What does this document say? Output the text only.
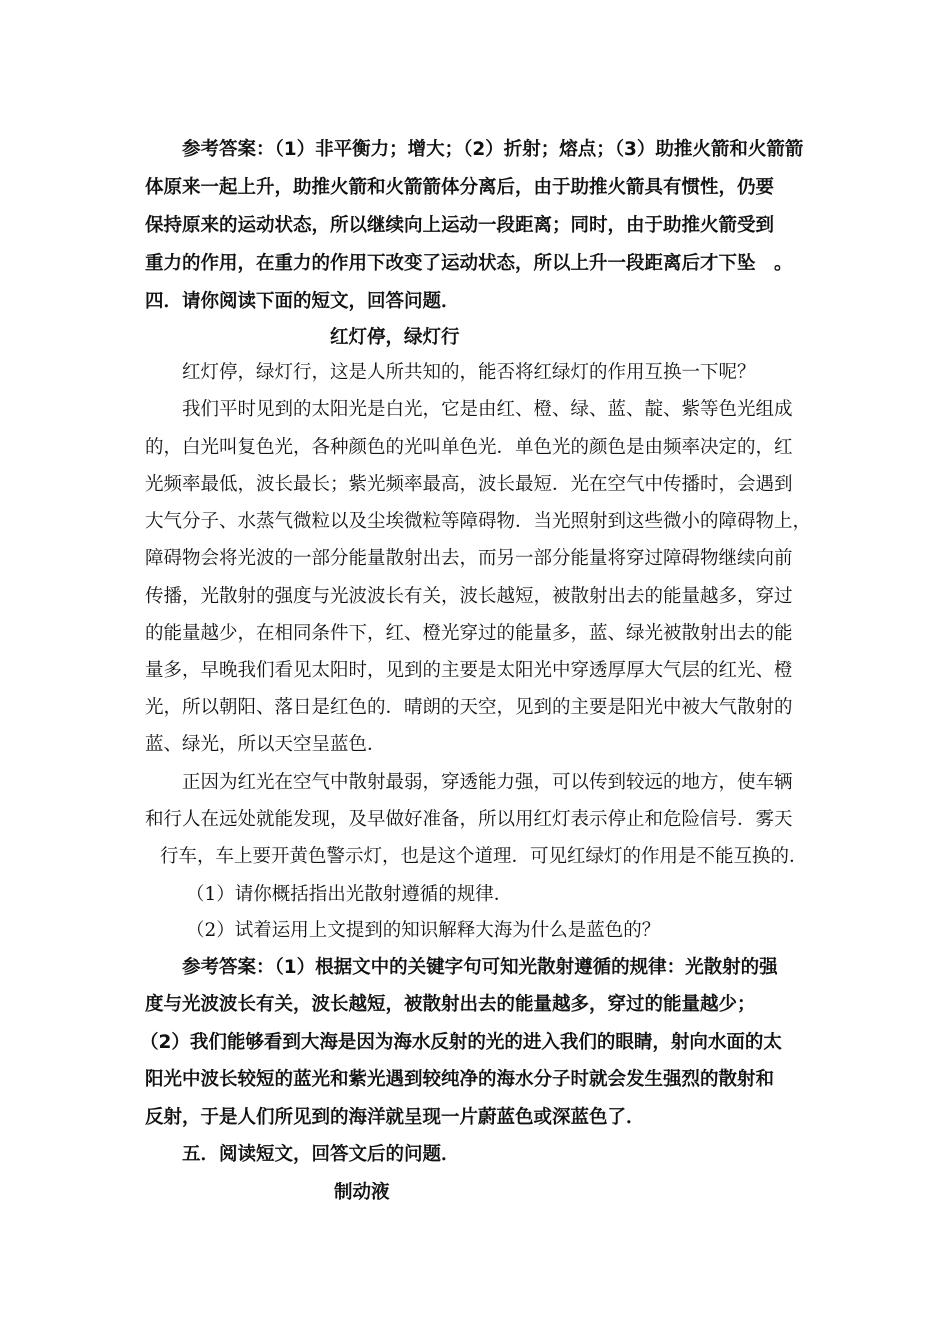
参考答案：（1）非平衡力；增大；（2）折射；熔点；（3）助推火箭和火箭箭
体原来一起上升，助推火箭和火箭箭体分离后，由于助推火箭具有惯性，仍要
保持原来的运动状态，所以继续向上运动一段距离；同时，由于助推火箭受到
重力的作用，在重力的作用下改变了运动状态，所以上升一段距离后才下坠　。
四．请你阅读下面的短文，回答问题．
红灯停，绿灯行
红灯停，绿灯行，这是人所共知的，能否将红绿灯的作用互换一下呢？
我们平时见到的太阳光是白光，它是由红、橙、绿、蓝、靛、紫等色光组成
的，白光叫复色光，各种颜色的光叫单色光．单色光的颜色是由频率决定的，红
光频率最低，波长最长；紫光频率最高，波长最短．光在空气中传播时，会遇到
大气分子、水蒸气微粒以及尘埃微粒等障碍物．当光照射到这些微小的障碍物上，
障碍物会将光波的一部分能量散射出去，而另一部分能量将穿过障碍物继续向前
传播，光散射的强度与光波波长有关，波长越短，被散射出去的能量越多，穿过
的能量越少，在相同条件下，红、橙光穿过的能量多，蓝、绿光被散射出去的能
量多，早晚我们看见太阳时，见到的主要是太阳光中穿透厚厚大气层的红光、橙
光，所以朝阳、落日是红色的．晴朗的天空，见到的主要是阳光中被大气散射的
蓝、绿光，所以天空呈蓝色．
正因为红光在空气中散射最弱，穿透能力强，可以传到较远的地方，使车辆
和行人在远处就能发现，及早做好准备，所以用红灯表示停止和危险信号．雾天
行车，车上要开黄色警示灯，也是这个道理．可见红绿灯的作用是不能互换的．
（1）请你概括指出光散射遵循的规律．
（2）试着运用上文提到的知识解释大海为什么是蓝色的？
参考答案：（1）根据文中的关键字句可知光散射遵循的规律：光散射的强
度与光波波长有关，波长越短，被散射出去的能量越多，穿过的能量越少；
（2）我们能够看到大海是因为海水反射的光的进入我们的眼睛，射向水面的太
阳光中波长较短的蓝光和紫光遇到较纯净的海水分子时就会发生强烈的散射和
反射，于是人们所见到的海洋就呈现一片蔚蓝色或深蓝色了．
五．阅读短文，回答文后的问题．
制动液
